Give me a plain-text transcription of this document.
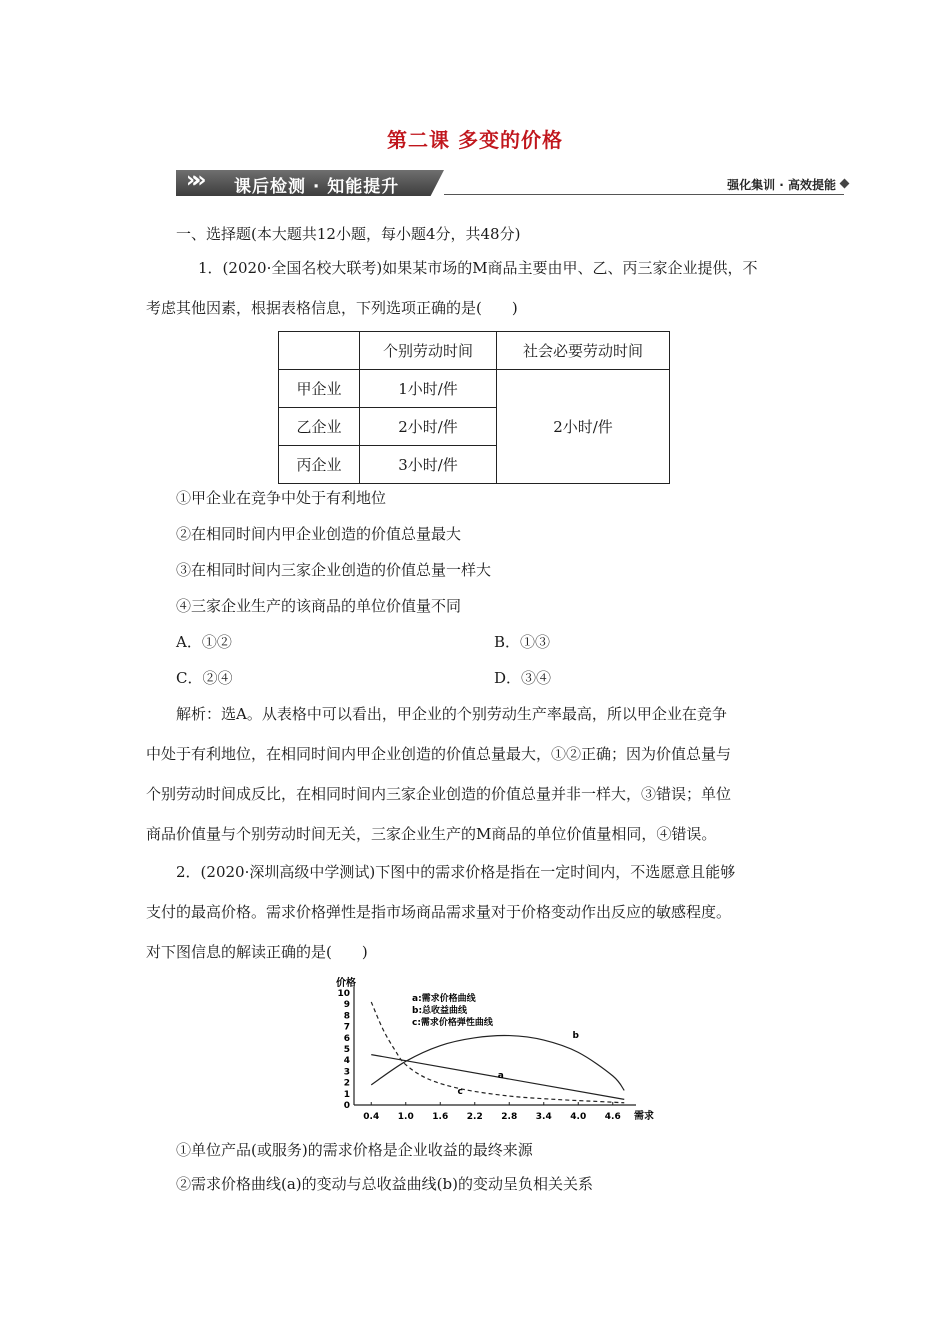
第二课 多变的价格
»» 课后检测 · 知能提升	强化集训 · 高效提能
一、选择题(本大题共12小题，每小题4分，共48分)
1．(2020·全国名校大联考)如果某市场的M商品主要由甲、乙、丙三家企业提供，不
考虑其他因素，根据表格信息，下列选项正确的是(　　)
	个别劳动时间	社会必要劳动时间
甲企业	1小时/件	2小时/件
乙企业	2小时/件	
丙企业	3小时/件	
①甲企业在竞争中处于有利地位
②在相同时间内甲企业创造的价值总量最大
③在相同时间内三家企业创造的价值总量一样大
④三家企业生产的该商品的单位价值量不同
A．①②	B．①③
C．②④	D．③④
解析：选A。从表格中可以看出，甲企业的个别劳动生产率最高，所以甲企业在竞争
中处于有利地位，在相同时间内甲企业创造的价值总量最大，①②正确；因为价值总量与
个别劳动时间成反比，在相同时间内三家企业创造的价值总量并非一样大，③错误；单位
商品价值量与个别劳动时间无关，三家企业生产的M商品的单位价值量相同，④错误。
2．(2020·深圳高级中学测试)下图中的需求价格是指在一定时间内，不选愿意且能够
支付的最高价格。需求价格弹性是指市场商品需求量对于价格变动作出反应的敏感程度。
对下图信息的解读正确的是(　　)
价格
需求
0
1
2
3
4
5
6
7
8
9
10
0.4 1.0 1.6 2.2 2.8 3.4 4.0 4.6
a:需求价格曲线
b:总收益曲线
c:需求价格弹性曲线
a
b
c
①单位产品(或服务)的需求价格是企业收益的最终来源
②需求价格曲线(a)的变动与总收益曲线(b)的变动呈负相关关系
